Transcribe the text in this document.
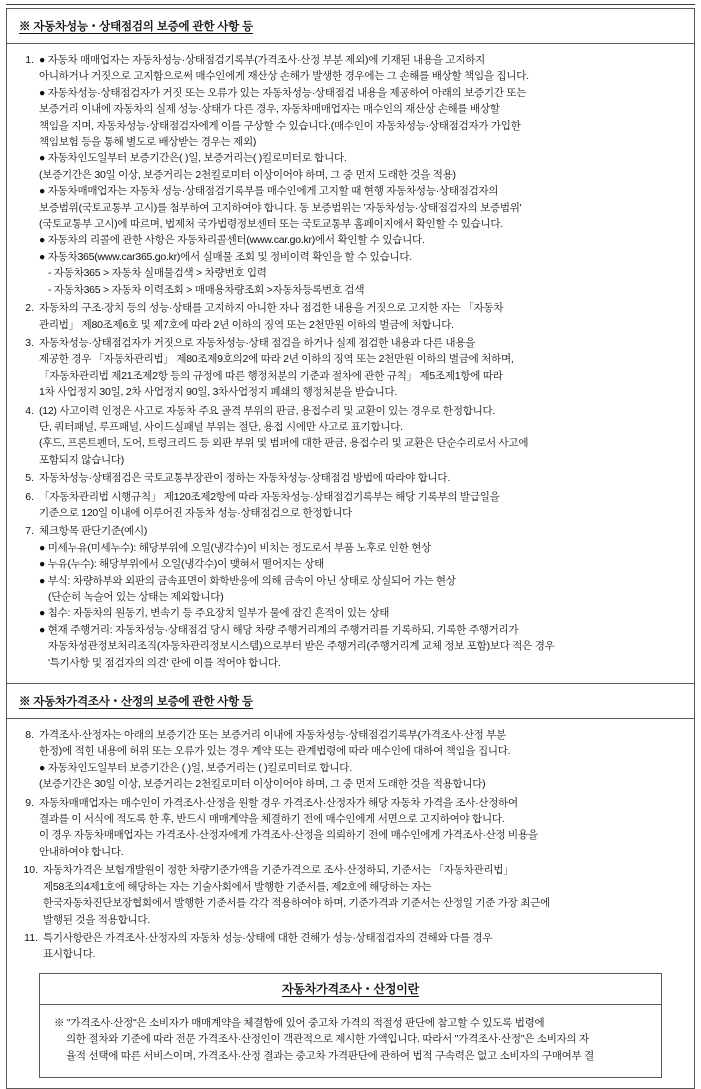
※ 자동차성능・상태점검의 보증에 관한 사항 등
1. ● 자동차 매매업자는 자동차성능·상태점검기록부(가격조사·산정 부분 제외)에 기재된 내용을 고지하지
아니하거나 거짓으로 고지함으로써 매수인에게 재산상 손해가 발생한 경우에는 그 손해를 배상할 책임을 집니다.
● 자동차성능·상태점검자가 거짓 또는 오류가 있는 자동차성능·상태점검 내용을 제공하여 아래의 보증기간 또는
보증거리 이내에 자동차의 실제 성능·상태가 다른 경우, 자동차매매업자는 매수인의 재산상 손해를 배상할
책임을 지며, 자동차성능·상태점검자에게 이를 구상할 수 있습니다.(매수인이 자동차성능·상태점검자가 가입한
책임보험 등을 통해 별도로 배상받는 경우는 제외)
● 자동차인도일부터 보증기간은( )일, 보증거리는( )킬로미터로 합니다.
(보증기간은 30일 이상, 보증거리는 2천킬로미터 이상이어야 하며, 그 중 먼저 도래한 것을 적용)
● 자동차매매업자는 자동차 성능·상태점검기록부를 매수인에게 고지할 때 현행 자동차성능·상태점검자의
보증범위(국토교통부 고시)를 첨부하여 고지하여야 합니다. 동 보증범위는 '자동차성능·상태점검자의 보증범위'
(국토교통부 고시)에 따르며, 법제처 국가법령정보센터 또는 국토교통부 홈페이지에서 확인할 수 있습니다.
● 자동차의 리콜에 관한 사항은 자동차리콜센터(www.car.go.kr)에서 확인할 수 있습니다.
● 자동차365(www.car365.go.kr)에서 실매물 조회 및 정비이력 확인을 할 수 있습니다.
- 자동차365 > 자동차 실매물검색 > 차량번호 입력
- 자동차365 > 자동차 이력조회 > 매매용차량조회 >자동차등록번호 검색
2. 자동차의 구조·장치 등의 성능·상태를 고지하지 아니한 자나 점검한 내용을 거짓으로 고지한 자는 「자동차
관리법」 제80조제6호 및 제7호에 따라 2년 이하의 징역 또는 2천만원 이하의 벌금에 처합니다.
3. 자동차성능·상태점검자가 거짓으로 자동차성능·상태 점검을 하거나 실제 점검한 내용과 다른 내용을
제공한 경우 「자동차관리법」 제80조제9호의2에 따라 2년 이하의 징역 또는 2천만원 이하의 벌금에 처하며,
「자동차관리법 제21조제2항 등의 규정에 따른 행정처분의 기준과 절차에 관한 규칙」 제5조제1항에 따라
1차 사업정지 30일, 2차 사업정지 90일, 3차사업정지 폐쇄의 행정처분을 받습니다.
4. (12) 사고이력 인정은 사고로 자동차 주요 골격 부위의 판금, 용접수리 및 교환이 있는 경우로 한정합니다.
단, 쿼터패널, 루프패널, 사이드실패널 부위는 절단, 용접 시에만 사고로 표기합니다.
(후드, 프론트펜더, 도어, 트렁크리드 등 외판 부위 및 범퍼에 대한 판금, 용접수리 및 교환은 단순수리로서 사고에
포함되지 않습니다)
5. 자동차성능·상태점검은 국토교통부장관이 정하는 자동차성능·상태점검 방법에 따라야 합니다.
6. 「자동차관리법 시행규칙」 제120조제2항에 따라 자동차성능·상태점검기록부는 해당 기록부의 발급일을
기준으로 120일 이내에 이루어진 자동차 성능·상태점검으로 한정합니다
7. 체크항목 판단기준(예시)
● 미세누유(미세누수): 해당부위에 오일(냉각수)이 비치는 정도로서 부품 노후로 인한 현상
● 누유(누수): 해당부위에서 오일(냉각수)이 맺혀서 떨어지는 상태
● 부식: 차량하부와 외판의 금속표면이 화학반응에 의해 금속이 아닌 상태로 상실되어 가는 현상
(단순히 녹슬어 있는 상태는 제외합니다)
● 침수: 자동차의 원동기, 변속기 등 주요장치 일부가 물에 잠긴 흔적이 있는 상태
● 현재 주행거리: 자동차성능·상태점검 당시 해당 차량 주행거리계의 주행거리를 기록하되, 기록한 주행거리가
자동차성관정보처리조직(자동차관리정보시스템)으로부터 받은 주행거리(주행거리계 교체 정보 포함)보다 적은 경우
'특기사항 및 점검자의 의견' 란에 이를 적어야 합니다.
※ 자동차가격조사・산정의 보증에 관한 사항 등
8. 가격조사·산정자는 아래의 보증기간 또는 보증거리 이내에 자동차성능·상태점검기록부(가격조사·산정 부분
한정)에 적힌 내용에 허위 또는 오류가 있는 경우 계약 또는 관계법령에 따라 매수인에 대하여 책임을 집니다.
● 자동차인도일부터 보증기간은 ( )일, 보증거리는 ( )킬로미터로 합니다.
(보증기간은 30일 이상, 보증거리는 2천킬로미터 이상이어야 하며, 그 중 먼저 도래한 것을 적용합니다)
9. 자동차매매업자는 매수인이 가격조사·산정을 원할 경우 가격조사·산정자가 해당 자동차 가격을 조사·산정하여
결과를 이 서식에 적도록 한 후, 반드시 매매계약을 체결하기 전에 매수인에게 서면으로 고지하여야 합니다.
이 경우 자동차매매업자는 가격조사·산정자에게 가격조사·산정을 의뢰하기 전에 매수인에게 가격조사·산정 비용을
안내하여야 합니다.
10. 자동차가격은 보험개발원이 정한 차량기준가액을 기준가격으로 조사·산정하되, 기준서는 「자동차관리법」
제58조의4제1호에 해당하는 자는 기술사회에서 발행한 기준서를, 제2호에 해당하는 자는
한국자동차진단보장협회에서 발행한 기준서를 각각 적용하여야 하며, 기준가격과 기준서는 산정일 기준 가장 최근에
발행된 것을 적용합니다.
11. 특기사항란은 가격조사·산정자의 자동차 성능·상태에 대한 견해가 성능·상태점검자의 견해와 다를 경우
표시합니다.
자동차가격조사・산정이란
※ "가격조사·산정"은 소비자가 매매계약을 체결함에 있어 중고차 가격의 적절성 판단에 참고할 수 있도록 법령에
의한 절차와 기준에 따라 전문 가격조사·산정인이 객관적으로 제시한 가액입니다. 따라서 "가격조사·산정"은 소비자의 자
율적 선택에 따른 서비스이며, 가격조사·산정 결과는 중고차 가격판단에 관하여 법적 구속력은 없고 소비자의 구매여부 결
